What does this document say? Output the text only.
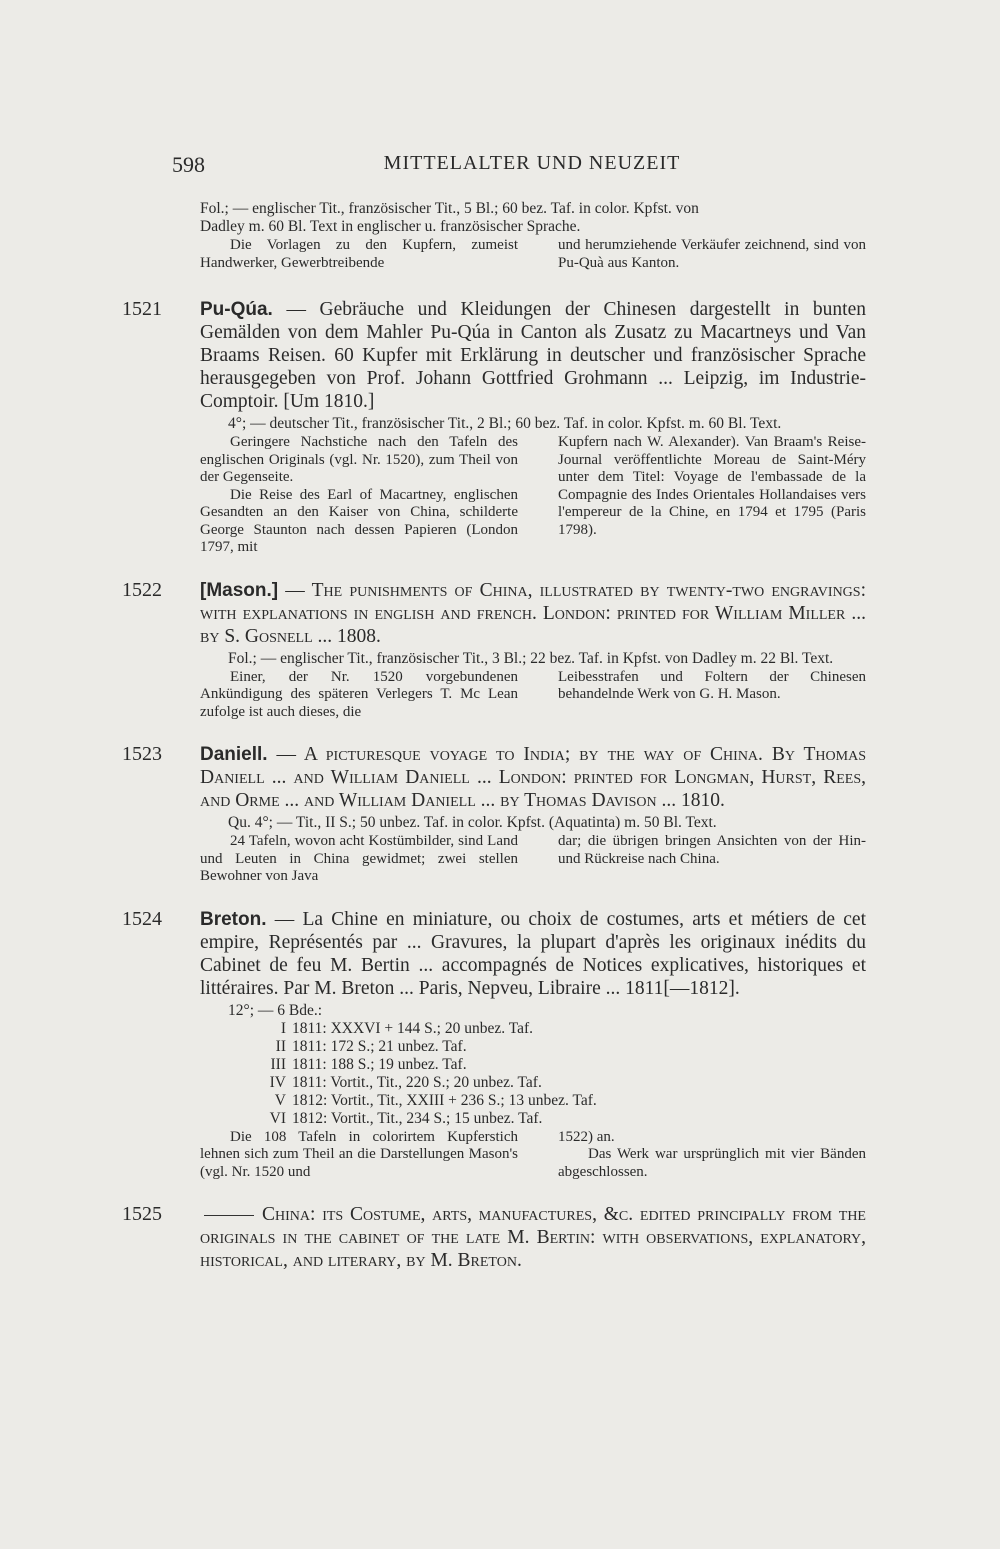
598	MITTELALTER UND NEUZEIT
Fol.; — englischer Tit., französischer Tit., 5 Bl.; 60 bez. Taf. in color. Kpfst. von
Dadley m. 60 Bl. Text in englischer u. französischer Sprache.

Die Vorlagen zu den Kupfern, zumeist Handwerker, Gewerbtreibende

und herumziehende Verkäufer zeichnend, sind von Pu-Quà aus Kanton.

1521 Pu-Qúa. — Gebräuche und Kleidungen der Chinesen dargestellt in bunten Gemälden von dem Mahler Pu-Qúa in Canton als Zusatz zu Macartneys und Van Braams Reisen. 60 Kupfer mit Erklärung in deutscher und französischer Sprache herausgegeben von Prof. Johann Gottfried Grohmann ... Leipzig, im Industrie-Comptoir. [Um 1810.]
4°; — deutscher Tit., französischer Tit., 2 Bl.; 60 bez. Taf. in color. Kpfst. m. 60 Bl. Text.

Geringere Nachstiche nach den Tafeln des englischen Originals (vgl. Nr. 1520), zum Theil von der Gegenseite.

Die Reise des Earl of Macartney, englischen Gesandten an den Kaiser von China, schilderte George Staunton nach dessen Papieren (London 1797, mit

Kupfern nach W. Alexander). Van Braam's Reise-Journal veröffentlichte Moreau de Saint-Méry unter dem Titel: Voyage de l'embassade de la Compagnie des Indes Orientales Hollandaises vers l'empereur de la Chine, en 1794 et 1795 (Paris 1798).

1522 [Mason.] — The punishments of China, illustrated by twenty-two engravings: with explanations in english and french. London: printed for William Miller ... by S. Gosnell ... 1808.
Fol.; — englischer Tit., französischer Tit., 3 Bl.; 22 bez. Taf. in Kpfst. von Dadley m. 22 Bl. Text.

Einer, der Nr. 1520 vorgebundenen Ankündigung des späteren Verlegers T. Mc Lean zufolge ist auch dieses, die

Leibesstrafen und Foltern der Chinesen behandelnde Werk von G. H. Mason.

1523 Daniell. — A picturesque voyage to India; by the way of China. By Thomas Daniell ... and William Daniell ... London: printed for Longman, Hurst, Rees, and Orme ... and William Daniell ... by Thomas Davison ... 1810.
Qu. 4°; — Tit., II S.; 50 unbez. Taf. in color. Kpfst. (Aquatinta) m. 50 Bl. Text.

24 Tafeln, wovon acht Kostümbilder, sind Land und Leuten in China gewidmet; zwei stellen Bewohner von Java

dar; die übrigen bringen Ansichten von der Hin- und Rückreise nach China.

1524 Breton. — La Chine en miniature, ou choix de costumes, arts et métiers de cet empire, Représentés par ... Gravures, la plupart d'après les originaux inédits du Cabinet de feu M. Bertin ... accompagnés de Notices explicatives, historiques et littéraires. Par M. Breton ... Paris, Nepveu, Libraire ... 1811[—1812].
12°; — 6 Bde.:
I 1811: XXXVI + 144 S.; 20 unbez. Taf.
II 1811: 172 S.; 21 unbez. Taf.
III 1811: 188 S.; 19 unbez. Taf.
IV 1811: Vortit., Tit., 220 S.; 20 unbez. Taf.
V 1812: Vortit., Tit., XXIII + 236 S.; 13 unbez. Taf.
VI 1812: Vortit., Tit., 234 S.; 15 unbez. Taf.

Die 108 Tafeln in colorirtem Kupferstich lehnen sich zum Theil an die Darstellungen Mason's (vgl. Nr. 1520 und

1522) an.

Das Werk war ursprünglich mit vier Bänden abgeschlossen.

1525	China: its Costume, arts, manufactures, &c. edited principally from the originals in the cabinet of the late M. Bertin: with observations, explanatory, historical, and literary, by M. Breton.
